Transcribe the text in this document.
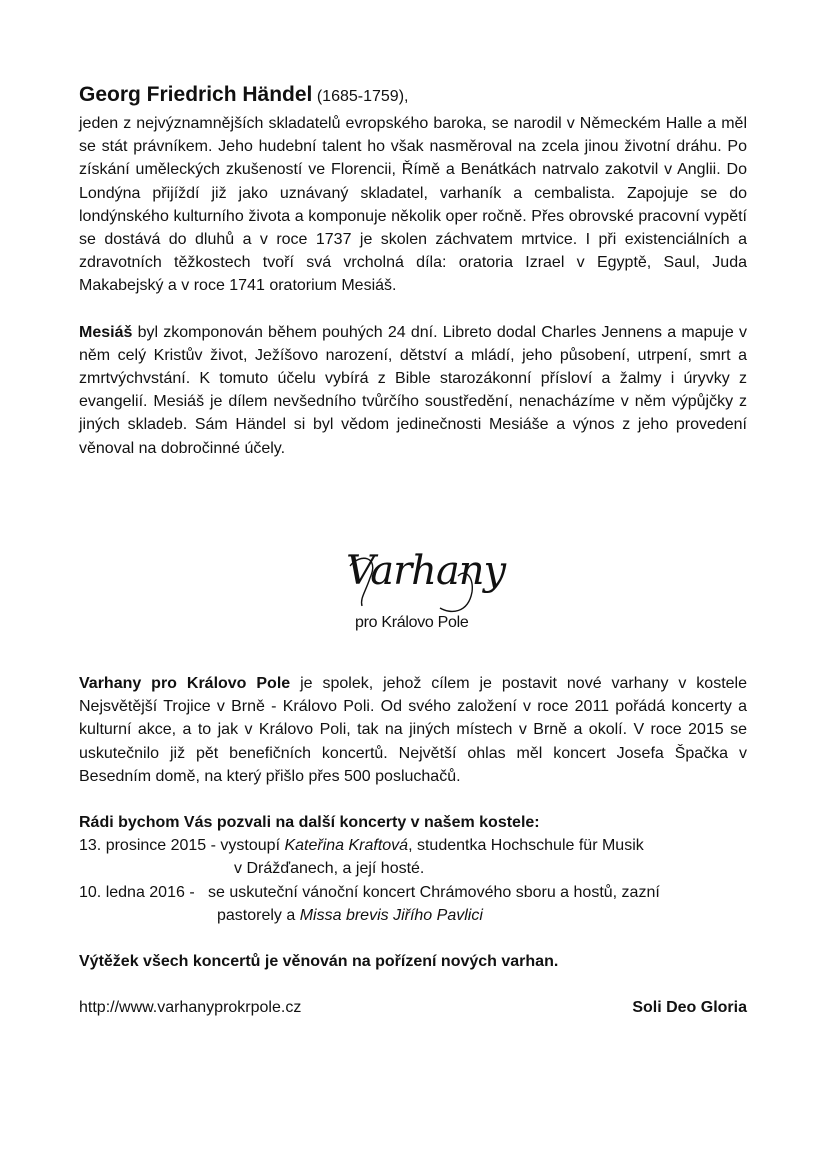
Georg Friedrich Händel (1685-1759),

jeden z nejvýznamnějších skladatelů evropského baroka, se narodil v Německém Halle a měl se stát právníkem. Jeho hudební talent ho však nasměroval na zcela jinou životní dráhu. Po získání uměleckých zkušeností ve Florencii, Římě a Benátkách natrvalo zakotvil v Anglii. Do Londýna přijíždí již jako uznávaný skladatel, varhaník a cembalista. Zapojuje se do londýnského kulturního života a komponuje několik oper ročně. Přes obrovské pracovní vypětí se dostává do dluhů a v roce 1737 je skolen záchvatem mrtvice. I při existenciálních a zdravotních těžkostech tvoří svá vrcholná díla: oratoria Izrael v Egyptě, Saul, Juda Makabejský a v roce 1741 oratorium Mesiáš.

Mesiáš byl zkomponován během pouhých 24 dní. Libreto dodal Charles Jennens a mapuje v něm celý Kristův život, Ježíšovo narození, dětství a mládí, jeho působení, utrpení, smrt a zmrtvýchvstání. K tomuto účelu vybírá z Bible starozákonní přísloví a žalmy i úryvky z evangelií. Mesiáš je dílem nevšedního tvůrčího soustředění, nenacházíme v něm výpůjčky z jiných skladeb. Sám Händel si byl vědom jedinečnosti Mesiáše a výnos z jeho provedení věnoval na dobročinné účely.

Varhany
pro Královo Pole

Varhany pro Královo Pole je spolek, jehož cílem je postavit nové varhany v kostele Nejsvětější Trojice v Brně - Královo Poli. Od svého založení v roce 2011 pořádá koncerty a kulturní akce, a to jak v Královo Poli, tak na jiných místech v Brně a okolí. V roce 2015 se uskutečnilo již pět benefičních koncertů. Největší ohlas měl koncert Josefa Špačka v Besedním domě, na který přišlo přes 500 posluchačů.

Rádi bychom Vás pozvali na další koncerty v našem kostele:

13. prosince 2015 - vystoupí Kateřina Kraftová, studentka Hochschule für Musik
v Drážďanech, a její hosté.
10. ledna 2016 - se uskuteční vánoční koncert Chrámového sboru a hostů, zazní
pastorely a Missa brevis Jiřího Pavlici

Výtěžek všech koncertů je věnován na pořízení nových varhan.

http://www.varhanyprokrpole.cz	Soli Deo Gloria
